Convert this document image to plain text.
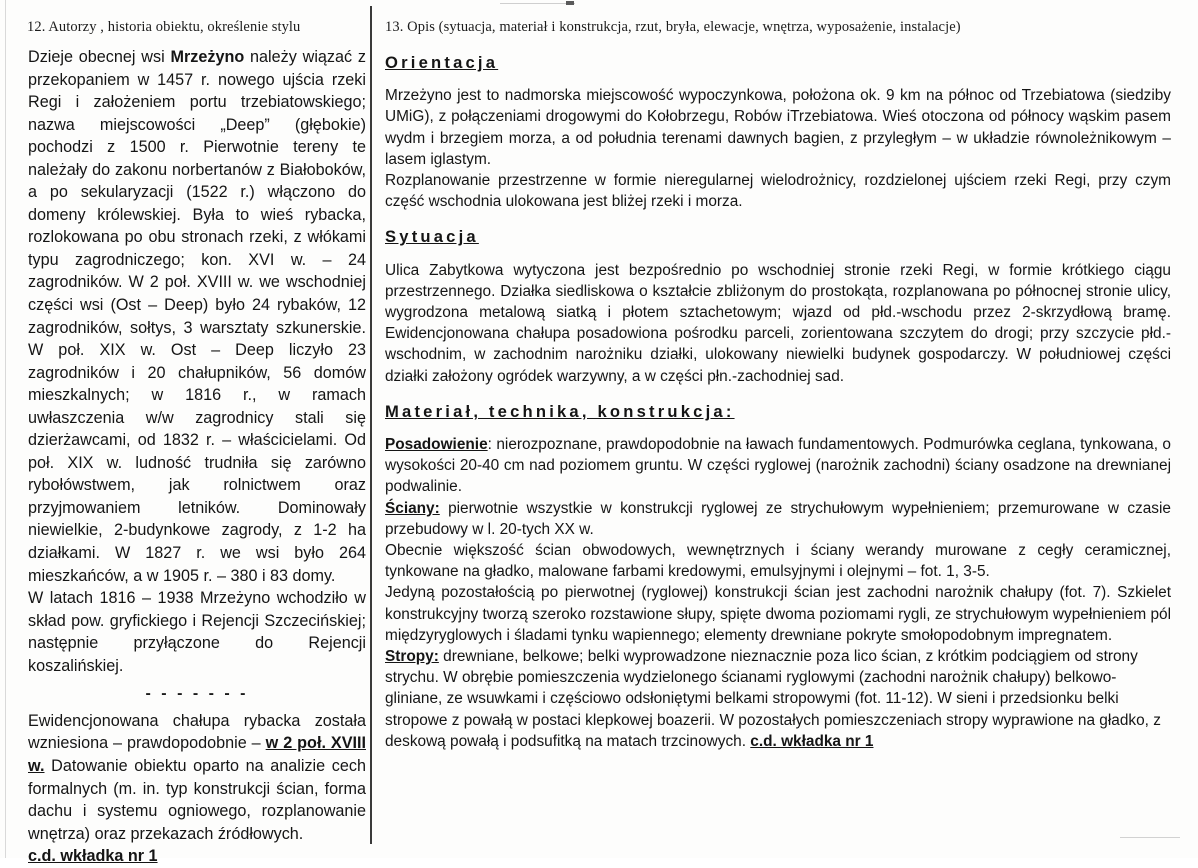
12. Autorzy , historia obiektu, określenie stylu	13. Opis (sytuacja, materiał i konstrukcja, rzut, bryła, elewacje, wnętrza, wyposażenie, instalacje)

Dzieje obecnej wsi Mrzeżyno należy wiązać z przekopaniem w 1457 r. nowego ujścia rzeki Regi i założeniem portu trzebiatowskiego; nazwa miejscowości „Deep” (głębokie) pochodzi z 1500 r. Pierwotnie tereny te należały do zakonu norbertanów z Białoboków, a po sekularyzacji (1522 r.) włączono do domeny królewskiej. Była to wieś rybacka, rozlokowana po obu stronach rzeki, z włókami typu zagrodniczego; kon. XVI w. – 24 zagrodników. W 2 poł. XVIII w. we wschodniej części wsi (Ost – Deep) było 24 rybaków, 12 zagrodników, sołtys, 3 warsztaty szkunerskie. W poł. XIX w. Ost – Deep liczyło 23 zagrodników i 20 chałupników, 56 domów mieszkalnych; w 1816 r., w ramach uwłaszczenia w/w zagrodnicy stali się dzierżawcami, od 1832 r. – właścicielami. Od poł. XIX w. ludność trudniła się zarówno rybołówstwem, jak rolnictwem oraz przyjmowaniem letników. Dominowały niewielkie, 2-budynkowe zagrody, z 1-2 ha działkami. W 1827 r. we wsi było 264 mieszkańców, a w 1905 r. – 380 i 83 domy.

W latach 1816 – 1938 Mrzeżyno wchodziło w skład pow. gryfickiego i Rejencji Szczecińskiej; następnie przyłączone do Rejencji koszalińskiej.

- - - - - - -

Ewidencjonowana chałupa rybacka została wzniesiona – prawdopodobnie – w 2 poł. XVIII w. Datowanie obiektu oparto na analizie cech formalnych (m. in. typ konstrukcji ścian, forma dachu i systemu ogniowego, rozplanowanie wnętrza) oraz przekazach źródłowych.

c.d. wkładka nr 1

Orientacja

Mrzeżyno jest to nadmorska miejscowość wypoczynkowa, położona ok. 9 km na północ od Trzebiatowa (siedziby UMiG), z połączeniami drogowymi do Kołobrzegu, Robów iTrzebiatowa. Wieś otoczona od północy wąskim pasem wydm i brzegiem morza, a od południa terenami dawnych bagien, z przyległym – w układzie równoleżnikowym – lasem iglastym.

Rozplanowanie przestrzenne w formie nieregularnej wielodrożnicy, rozdzielonej ujściem rzeki Regi, przy czym część wschodnia ulokowana jest bliżej rzeki i morza.

Sytuacja

Ulica Zabytkowa wytyczona jest bezpośrednio po wschodniej stronie rzeki Regi, w formie krótkiego ciągu przestrzennego. Działka siedliskowa o kształcie zbliżonym do prostokąta, rozplanowana po północnej stronie ulicy, wygrodzona metalową siatką i płotem sztachetowym; wjazd od płd.-wschodu przez 2-skrzydłową bramę. Ewidencjonowana chałupa posadowiona pośrodku parceli, zorientowana szczytem do drogi; przy szczycie płd.-wschodnim, w zachodnim narożniku działki, ulokowany niewielki budynek gospodarczy. W południowej części działki założony ogródek warzywny, a w części płn.-zachodniej sad.

Materiał, technika, konstrukcja:

Posadowienie: nierozpoznane, prawdopodobnie na ławach fundamentowych. Podmurówka ceglana, tynkowana, o wysokości 20-40 cm nad poziomem gruntu. W części ryglowej (narożnik zachodni) ściany osadzone na drewnianej podwalinie.

Ściany: pierwotnie wszystkie w konstrukcji ryglowej ze strychułowym wypełnieniem; przemurowane w czasie przebudowy w l. 20-tych XX w.

Obecnie większość ścian obwodowych, wewnętrznych i ściany werandy murowane z cegły ceramicznej, tynkowane na gładko, malowane farbami kredowymi, emulsyjnymi i olejnymi – fot. 1, 3-5.

Jedyną pozostałością po pierwotnej (ryglowej) konstrukcji ścian jest zachodni narożnik chałupy (fot. 7). Szkielet konstrukcyjny tworzą szeroko rozstawione słupy, spięte dwoma poziomami rygli, ze strychułowym wypełnieniem pól międzyryglowych i śladami tynku wapiennego; elementy drewniane pokryte smołopodobnym impregnatem.

Stropy: drewniane, belkowe; belki wyprowadzone nieznacznie poza lico ścian, z krótkim podciągiem od strony strychu. W obrębie pomieszczenia wydzielonego ścianami ryglowymi (zachodni narożnik chałupy) belkowo-gliniane, ze wsuwkami i częściowo odsłoniętymi belkami stropowymi (fot. 11-12). W sieni i przedsionku belki stropowe z powałą w postaci klepkowej boazerii. W pozostałych pomieszczeniach stropy wyprawione na gładko, z deskową powałą i podsufitką na matach trzcinowych. c.d. wkładka nr 1
